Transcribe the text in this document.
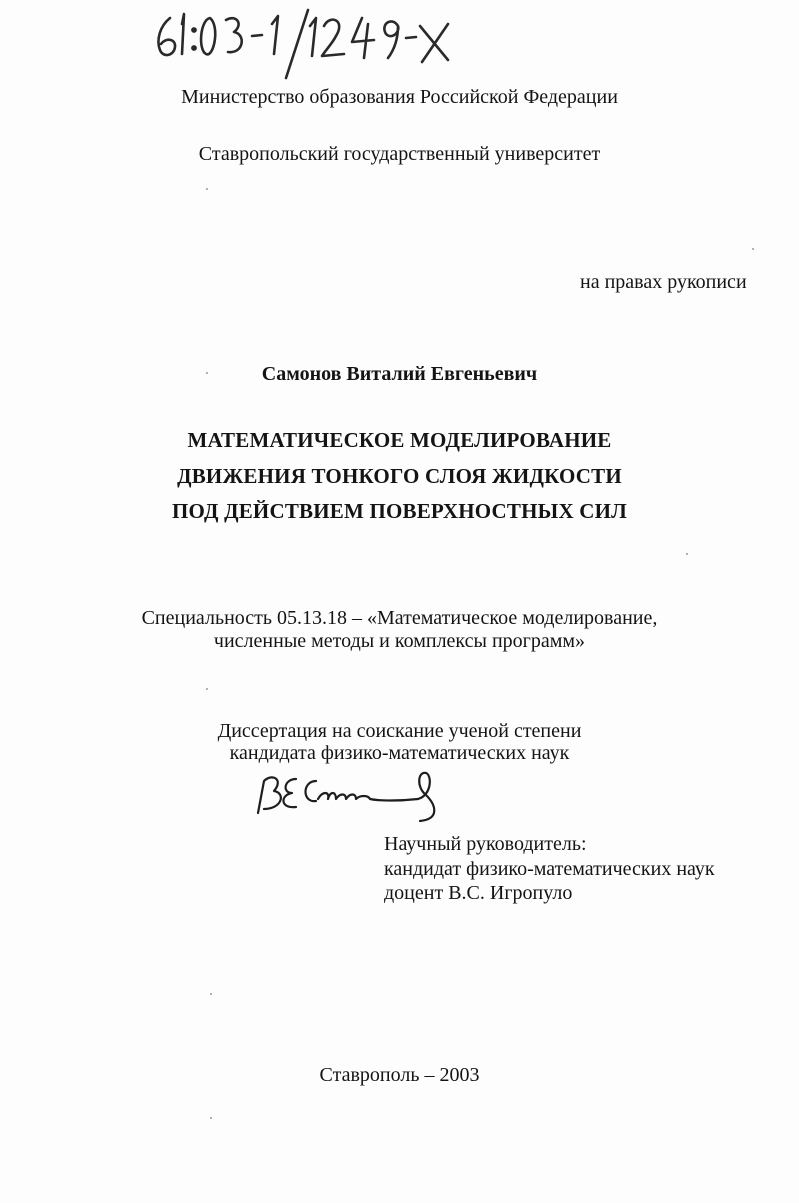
Министерство образования Российской Федерации
Ставропольский государственный университет
на правах рукописи
Самонов Виталий Евгеньевич
МАТЕМАТИЧЕСКОЕ МОДЕЛИРОВАНИЕ
ДВИЖЕНИЯ ТОНКОГО СЛОЯ ЖИДКОСТИ
ПОД ДЕЙСТВИЕМ ПОВЕРХНОСТНЫХ СИЛ
Специальность 05.13.18 – «Математическое моделирование,
численные методы и комплексы программ»
Диссертация на соискание ученой степени
кандидата физико-математических наук
Научный руководитель:
кандидат физико-математических наук
доцент В.С. Игропуло
Ставрополь – 2003
